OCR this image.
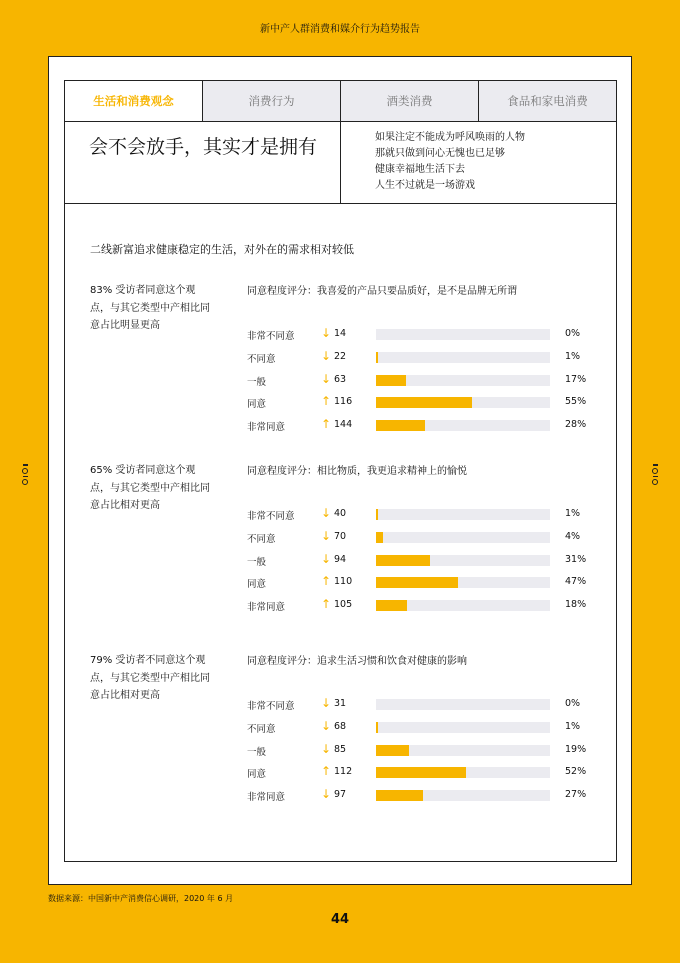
新中产人群消费和媒介行为趋势报告
生活和消费观念	消费行为	酒类消费	食品和家电消费
会不会放手，其实才是拥有	如果注定不能成为呼风唤雨的人物
那就只做到问心无愧也已足够
健康幸福地生活下去
人生不过就是一场游戏
二线新富追求健康稳定的生活，对外在的需求相对较低
83% 受访者同意这个观点，与其它类型中产相比同意占比明显更高
同意程度评分：我喜爱的产品只要品质好，是不是品牌无所谓
非常不同意 ↓ 14	0%
不同意	↓ 22	1%
一般	↓ 63	17%
同意	↑ 116	55%
非常同意	↑ 144	28%
65% 受访者同意这个观点，与其它类型中产相比同意占比相对更高
同意程度评分：相比物质，我更追求精神上的愉悦
非常不同意 ↓ 40	1%
不同意	↓ 70	4%
一般	↓ 94	31%
同意	↑ 110	47%
非常同意	↑ 105	18%
79% 受访者不同意这个观点，与其它类型中产相比同意占比相对更高
同意程度评分：追求生活习惯和饮食对健康的影响
非常不同意 ↓ 31	0%
不同意	↓ 68	1%
一般	↓ 85	19%
同意	↑ 112	52%
非常同意	↓ 97	27%
数据来源：中国新中产消费信心调研，2020 年 6 月
44
